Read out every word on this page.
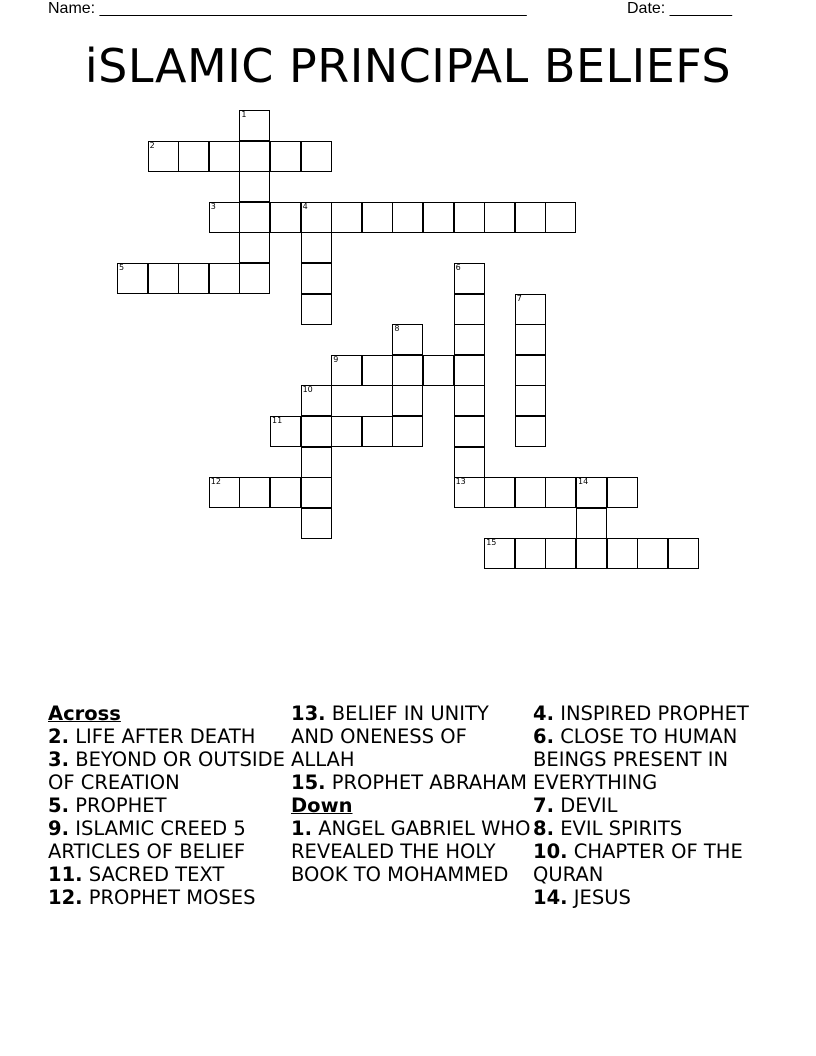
Name: ________________________________________________	Date: _______
iSLAMIC PRINCIPAL BELIEFS
1
2
3	4
5	6
13
7
8
9
10
11
12	14
15
Across
2. LIFE AFTER DEATH
3. BEYOND OR OUTSIDE OF CREATION
5. PROPHET
9. ISLAMIC CREED 5 ARTICLES OF BELIEF
11. SACRED TEXT
12. PROPHET MOSES
13. BELIEF IN UNITY AND ONENESS OF ALLAH
15. PROPHET ABRAHAM
Down
1. ANGEL GABRIEL WHO REVEALED THE HOLY BOOK TO MOHAMMED
4. INSPIRED PROPHET
6. CLOSE TO HUMAN BEINGS PRESENT IN EVERYTHING
7. DEVIL
8. EVIL SPIRITS
10. CHAPTER OF THE QURAN
14. JESUS
